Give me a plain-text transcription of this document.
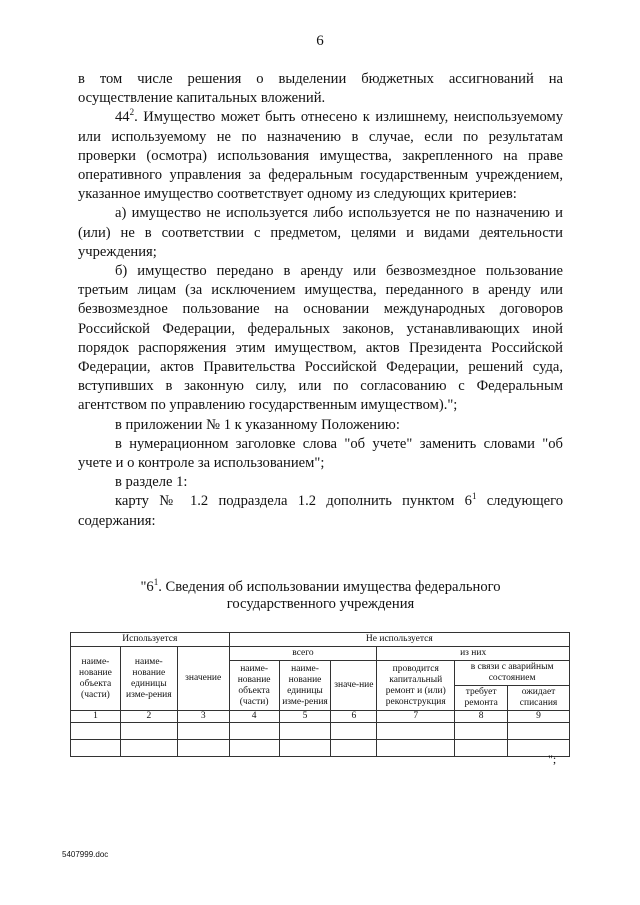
6

в том числе решения о выделении бюджетных ассигнований на осуществление капитальных вложений.

$44^2$. Имущество может быть отнесено к излишнему, неиспользуемому или используемому не по назначению в случае, если по результатам проверки (осмотра) использования имущества, закрепленного на праве оперативного управления за федеральным государственным учреждением, указанное имущество соответствует одному из следующих критериев:

а) имущество не используется либо используется не по назначению и (или) не в соответствии с предметом, целями и видами деятельности учреждения;

б) имущество передано в аренду или безвозмездное пользование третьим лицам (за исключением имущества, переданного в аренду или безвозмездное пользование на основании международных договоров Российской Федерации, федеральных законов, устанавливающих иной порядок распоряжения этим имуществом, актов Президента Российской Федерации, актов Правительства Российской Федерации, решений суда, вступивших в законную силу, или по согласованию с Федеральным агентством по управлению государственным имуществом).";

в приложении № 1 к указанному Положению:

в нумерационном заголовке слова "об учете" заменить словами "об учете и о контроле за использованием";

в разделе 1:

карту № 1.2 подраздела 1.2 дополнить пунктом $6^1$ следующего содержания:

"$6^1$. Сведения об использовании имущества федерального
государственного учреждения
Используется			Не используется					
наиме-нование объекта (части)	наиме-нование единицы изме-рения	значение	всего			из них		
			наиме-нование объекта (части)	наиме-нование единицы изме-рения	значе-ние	проводится капитальный ремонт и (или) реконструкция	в связи с аварийным состоянием	
							требует ремонта	ожидает списания
1	2	3	4	5	6	7	8	9

";
5407999.doc
